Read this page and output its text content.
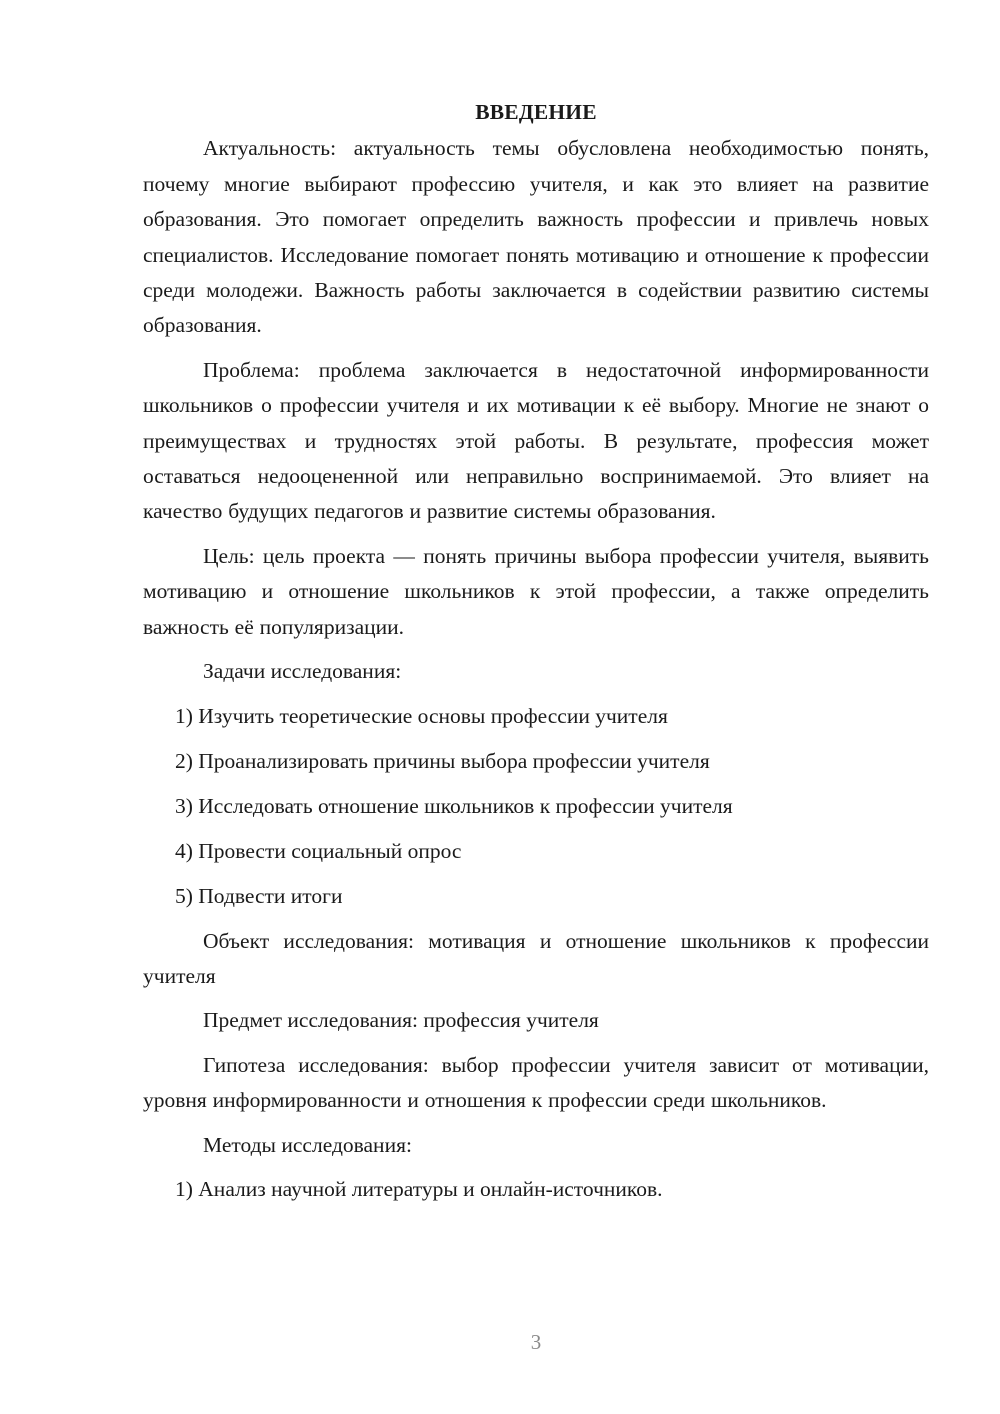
ВВЕДЕНИЕ

Актуальность: актуальность темы обусловлена необходимостью понять, почему многие выбирают профессию учителя, и как это влияет на развитие образования. Это помогает определить важность профессии и привлечь новых специалистов. Исследование помогает понять мотивацию и отношение к профессии среди молодежи. Важность работы заключается в содействии развитию системы образования.

Проблема: проблема заключается в недостаточной информированности школьников о профессии учителя и их мотивации к её выбору. Многие не знают о преимуществах и трудностях этой работы. В результате, профессия может оставаться недооцененной или неправильно воспринимаемой. Это влияет на качество будущих педагогов и развитие системы образования.

Цель: цель проекта — понять причины выбора профессии учителя, выявить мотивацию и отношение школьников к этой профессии, а также определить важность её популяризации.

Задачи исследования:

1) Изучить теоретические основы профессии учителя
2) Проанализировать причины выбора профессии учителя
3) Исследовать отношение школьников к профессии учителя
4) Провести социальный опрос
5) Подвести итоги

Объект исследования: мотивация и отношение школьников к профессии учителя

Предмет исследования: профессия учителя

Гипотеза исследования: выбор профессии учителя зависит от мотивации, уровня информированности и отношения к профессии среди школьников.

Методы исследования:

1) Анализ научной литературы и онлайн-источников.
3
